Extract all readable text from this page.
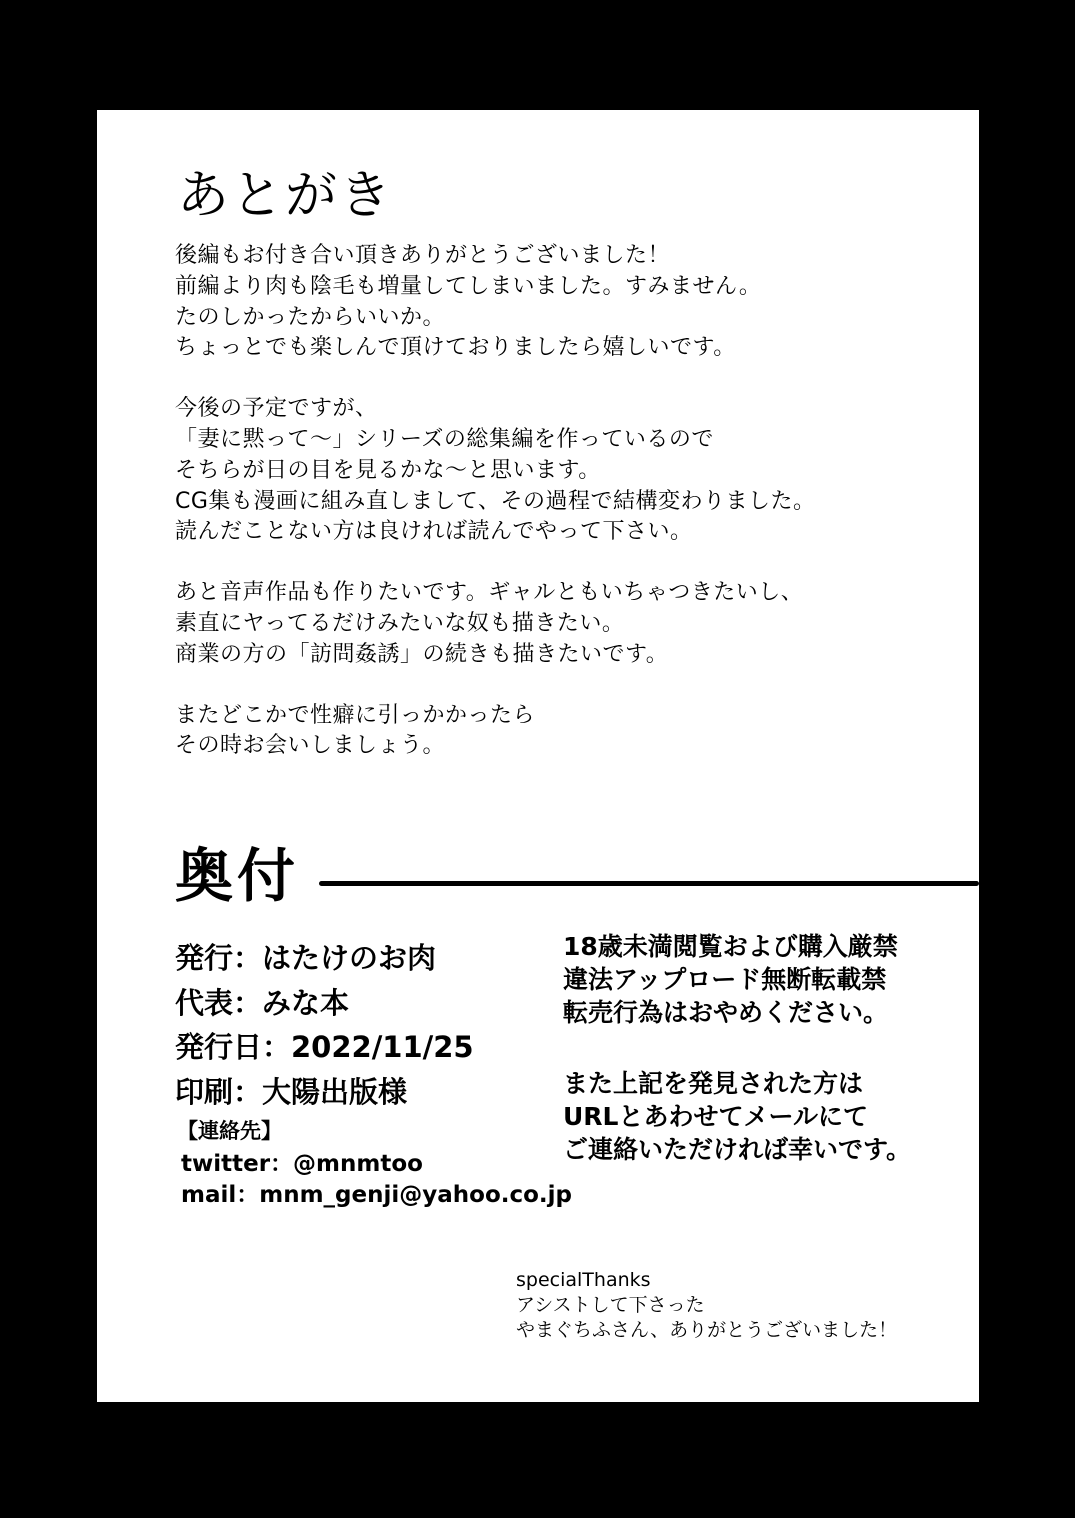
あとがき
後編もお付き合い頂きありがとうございました！
前編より肉も陰毛も増量してしまいました。すみません。
たのしかったからいいか。
ちょっとでも楽しんで頂けておりましたら嬉しいです。
今後の予定ですが、
「妻に黙って〜」シリーズの総集編を作っているので
そちらが日の目を見るかな〜と思います。
CG集も漫画に組み直しまして、その過程で結構変わりました。
読んだことない方は良ければ読んでやって下さい。
あと音声作品も作りたいです。ギャルともいちゃつきたいし、
素直にヤってるだけみたいな奴も描きたい。
商業の方の「訪問姦誘」の続きも描きたいです。
またどこかで性癖に引っかかったら
その時お会いしましょう。
奥付
発行：はたけのお肉
代表：みな本
発行日：2022/11/25
印刷：大陽出版様
【連絡先】
twitter：@mnmtoo
mail：mnm_genji@yahoo.co.jp
18歳未満閲覧および購入厳禁
違法アップロード無断転載禁
転売行為はおやめください。
また上記を発見された方は
URLとあわせてメールにて
ご連絡いただければ幸いです。
specialThanks
アシストして下さった
やまぐちふさん、ありがとうございました！
